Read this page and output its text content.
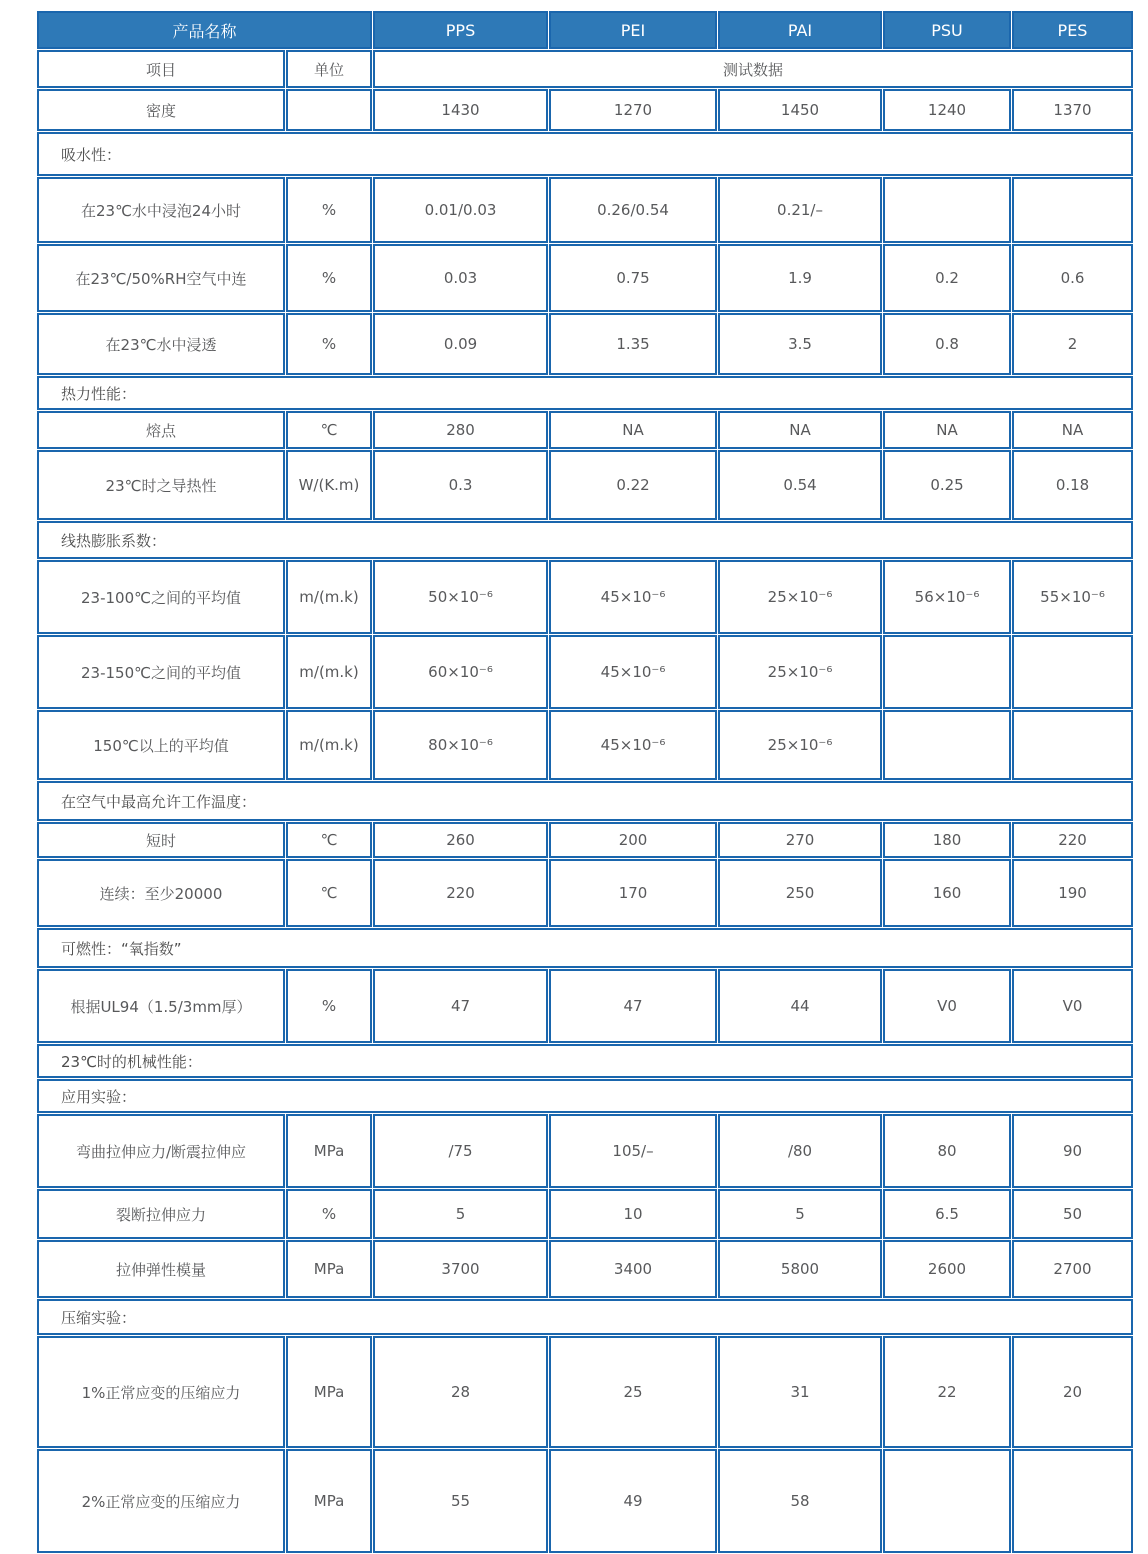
产品名称		PPS	PEI	PAI	PSU	PES
项目	单位	测试数据				
密度		1430	1270	1450	1240	1370
吸水性：						
在23℃水中浸泡24小时	%	0.01/0.03	0.26/0.54	0.21/–		
在23℃/50%RH空气中连	%	0.03	0.75	1.9	0.2	0.6
在23℃水中浸透	%	0.09	1.35	3.5	0.8	2
热力性能：						
熔点	℃	280	NA	NA	NA	NA
23℃时之导热性	W/(K.m)	0.3	0.22	0.54	0.25	0.18
线热膨胀系数：						
23-100℃之间的平均值	m/(m.k)	50×10⁻⁶	45×10⁻⁶	25×10⁻⁶	56×10⁻⁶	55×10⁻⁶
23-150℃之间的平均值	m/(m.k)	60×10⁻⁶	45×10⁻⁶	25×10⁻⁶		
150℃以上的平均值	m/(m.k)	80×10⁻⁶	45×10⁻⁶	25×10⁻⁶		
在空气中最高允许工作温度：						
短时	℃	260	200	270	180	220
连续：至少20000	℃	220	170	250	160	190
可燃性：“氧指数”						
根据UL94（1.5/3mm厚）	%	47	47	44	V0	V0
23℃时的机械性能：						
应用实验：						
弯曲拉伸应力/断震拉伸应	MPa	/75	105/–	/80	80	90
裂断拉伸应力	%	5	10	5	6.5	50
拉伸弹性模量	MPa	3700	3400	5800	2600	2700
压缩实验：						
1%正常应变的压缩应力	MPa	28	25	31	22	20
2%正常应变的压缩应力	MPa	55	49	58		
